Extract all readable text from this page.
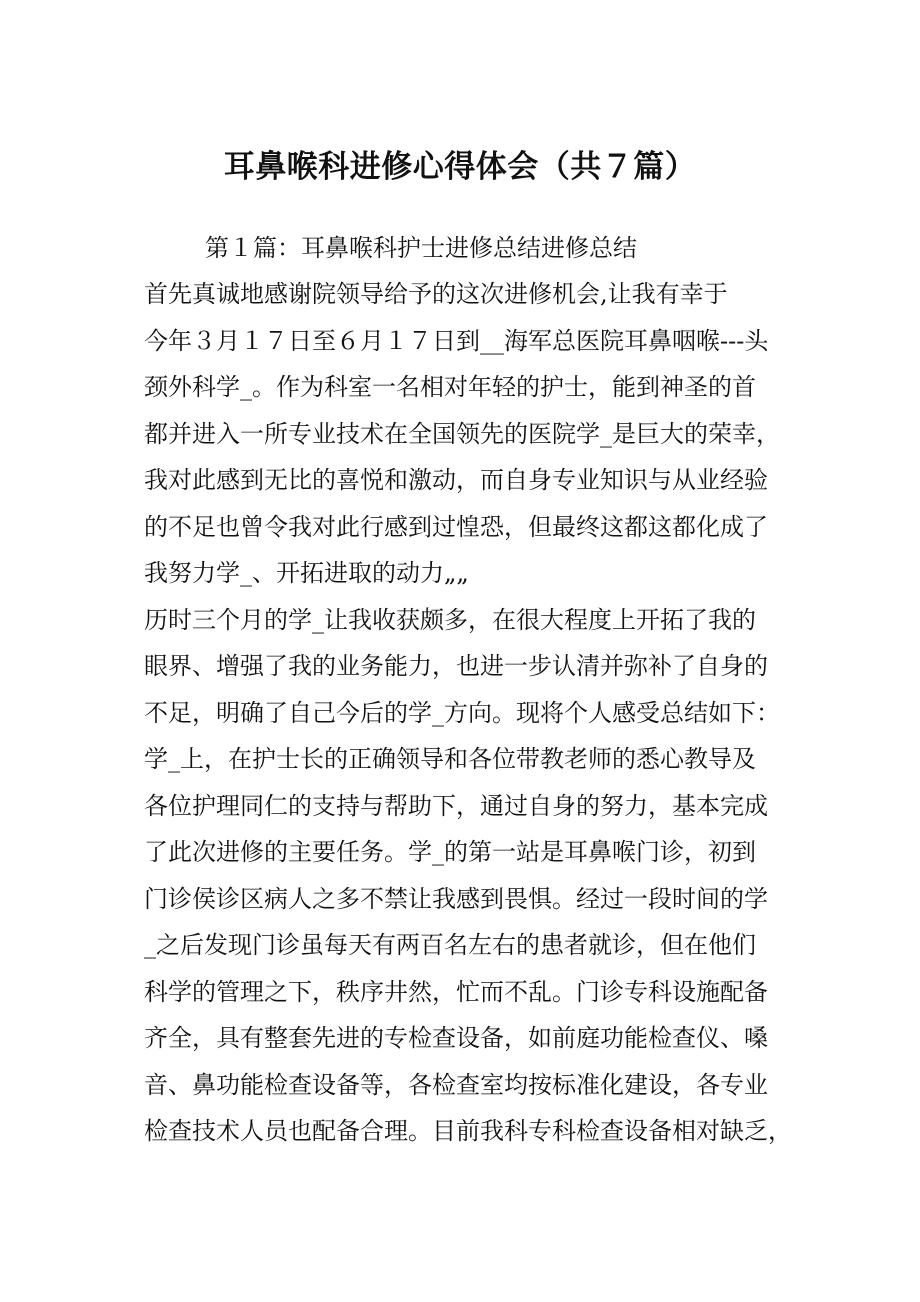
耳鼻喉科进修心得体会（共７篇）
第１篇：耳鼻喉科护士进修总结进修总结
首先真诚地感谢院领导给予的这次进修机会,让我有幸于
今年３月１７日至６月１７日到__海军总医院耳鼻咽喉---头
颈外科学_。作为科室一名相对年轻的护士，能到神圣的首
都并进入一所专业技术在全国领先的医院学_是巨大的荣幸，
我对此感到无比的喜悦和激动，而自身专业知识与从业经验
的不足也曾令我对此行感到过惶恐，但最终这都这都化成了
我努力学_、开拓进取的动力„„
历时三个月的学_让我收获颇多，在很大程度上开拓了我的
眼界、增强了我的业务能力，也进一步认清并弥补了自身的
不足，明确了自己今后的学_方向。现将个人感受总结如下：
学_上，在护士长的正确领导和各位带教老师的悉心教导及
各位护理同仁的支持与帮助下，通过自身的努力，基本完成
了此次进修的主要任务。学_的第一站是耳鼻喉门诊，初到
门诊侯诊区病人之多不禁让我感到畏惧。经过一段时间的学
_之后发现门诊虽每天有两百名左右的患者就诊，但在他们
科学的管理之下，秩序井然，忙而不乱。门诊专科设施配备
齐全，具有整套先进的专检查设备，如前庭功能检查仪、嗓
音、鼻功能检查设备等，各检查室均按标准化建设，各专业
检查技术人员也配备合理。目前我科专科检查设备相对缺乏，
